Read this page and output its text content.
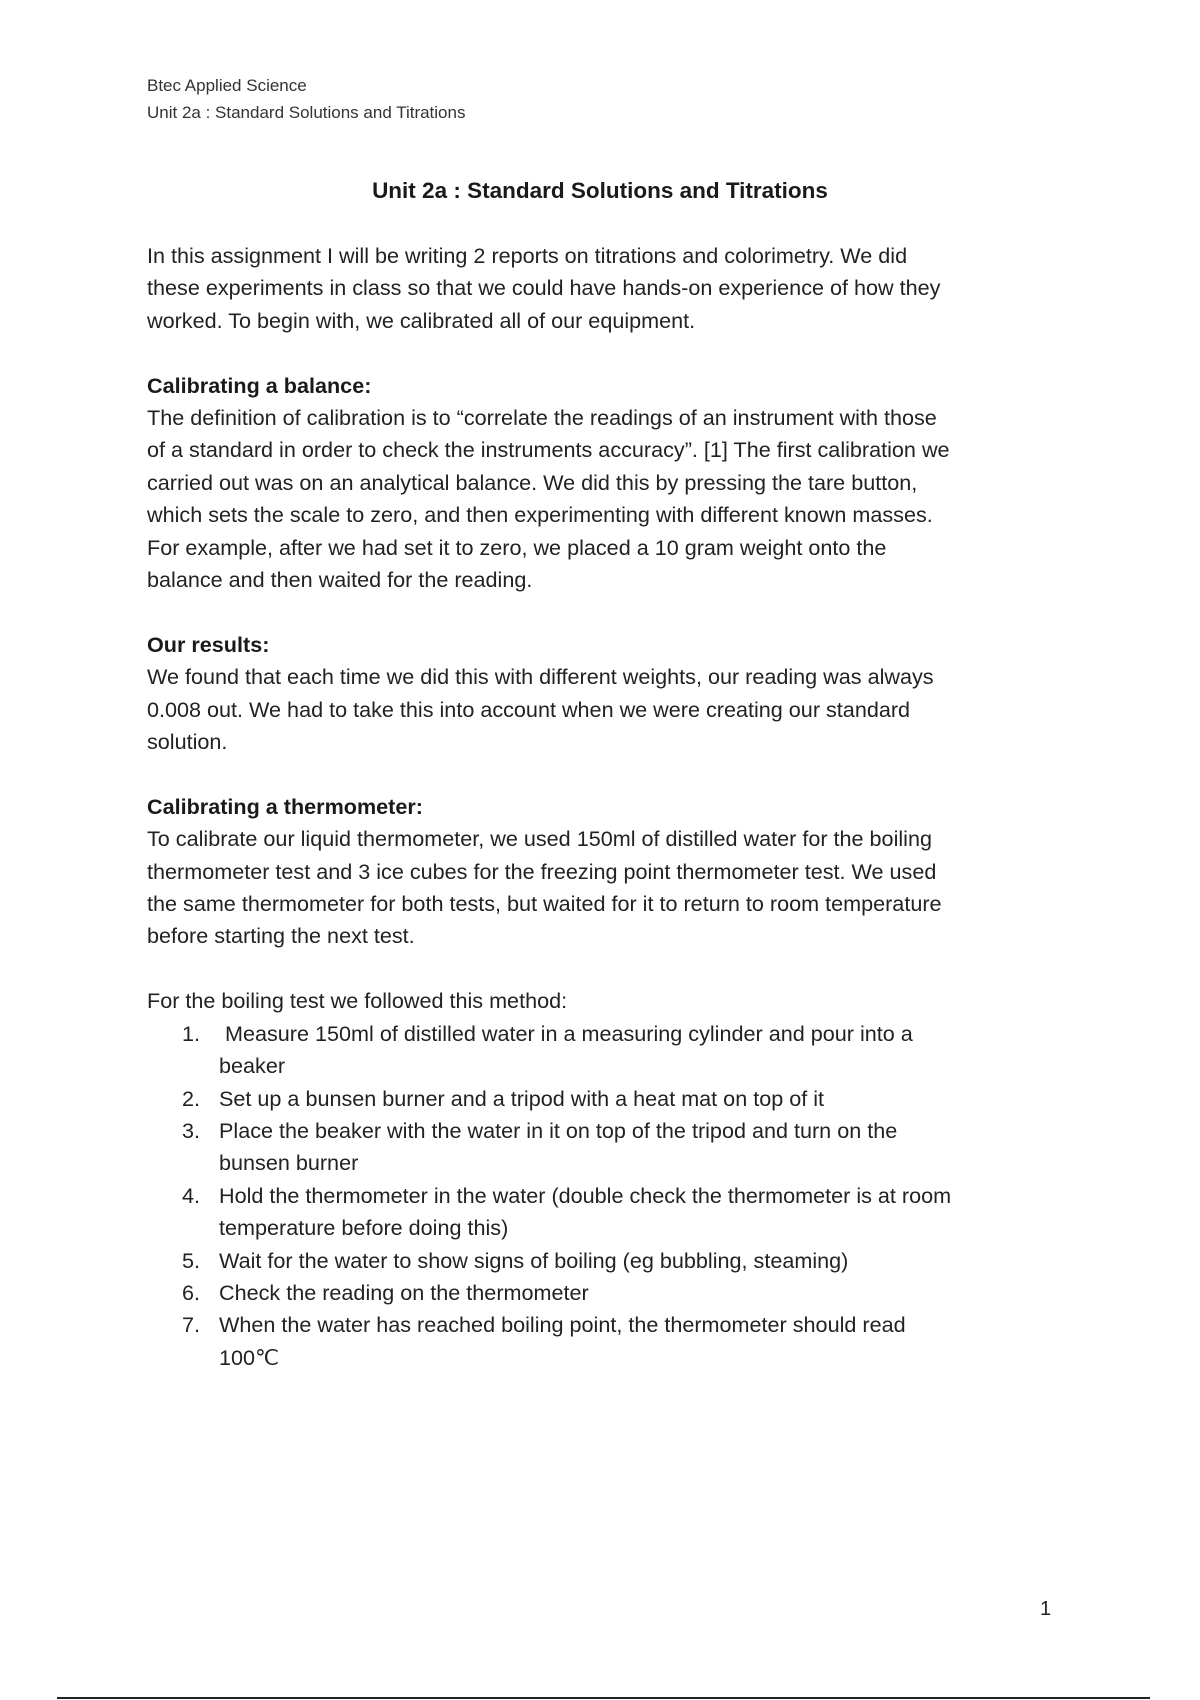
Btec Applied Science
Unit 2a : Standard Solutions and Titrations
Unit 2a : Standard Solutions and Titrations

In this assignment I will be writing 2 reports on titrations and colorimetry. We did

these experiments in class so that we could have hands-on experience of how they

worked. To begin with, we calibrated all of our equipment.

Calibrating a balance:

The definition of calibration is to “correlate the readings of an instrument with those

of a standard in order to check the instruments accuracy”. [1] The first calibration we

carried out was on an analytical balance. We did this by pressing the tare button,

which sets the scale to zero, and then experimenting with different known masses.

For example, after we had set it to zero, we placed a 10 gram weight onto the

balance and then waited for the reading.

Our results:

We found that each time we did this with different weights, our reading was always

0.008 out. We had to take this into account when we were creating our standard

solution.

Calibrating a thermometer:

To calibrate our liquid thermometer, we used 150ml of distilled water for the boiling

thermometer test and 3 ice cubes for the freezing point thermometer test. We used

the same thermometer for both tests, but waited for it to return to room temperature

before starting the next test.

For the boiling test we followed this method:

1. Measure 150ml of distilled water in a measuring cylinder and pour into a

beaker

2. Set up a bunsen burner and a tripod with a heat mat on top of it

3. Place the beaker with the water in it on top of the tripod and turn on the

bunsen burner

4. Hold the thermometer in the water (double check the thermometer is at room

temperature before doing this)

5. Wait for the water to show signs of boiling (eg bubbling, steaming)

6. Check the reading on the thermometer

7. When the water has reached boiling point, the thermometer should read

100℃

1
